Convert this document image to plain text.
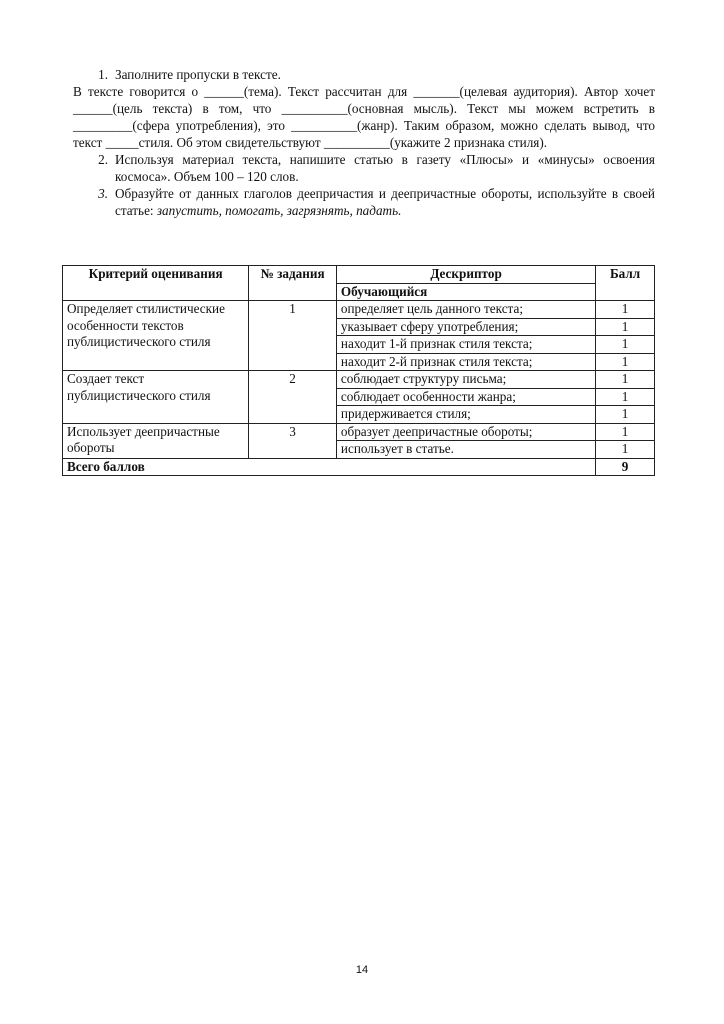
1. Заполните пропуски в тексте.
В тексте говорится о ______(тема). Текст рассчитан для _______(целевая аудитория). Автор хочет ______(цель текста) в том, что __________(основная мысль). Текст мы можем встретить в _________(сфера употребления), это __________(жанр). Таким образом, можно сделать вывод, что текст _____стиля. Об этом свидетельствуют __________(укажите 2 признака стиля).
2. Используя материал текста, напишите статью в газету «Плюсы» и «минусы» освоения космоса». Объем 100 – 120 слов.
3. Образуйте от данных глаголов деепричастия и деепричастные обороты, используйте в своей статье: запустить, помогать, загрязнять, падать.
Критерий оценивания	№ задания	Дескриптор	Балл
		Обучающийся	
Определяет стилистические особенности текстов публицистического стиля	1	определяет цель данного текста;	1
		указывает сферу употребления;	1
		находит 1-й признак стиля текста;	1
		находит 2-й признак стиля текста;	1
Создает текст публицистического стиля	2	соблюдает структуру письма;	1
		соблюдает особенности жанра;	1
		придерживается стиля;	1
Использует деепричастные обороты	3	образует деепричастные обороты;	1
		использует в статье.	1
Всего баллов			9
14
